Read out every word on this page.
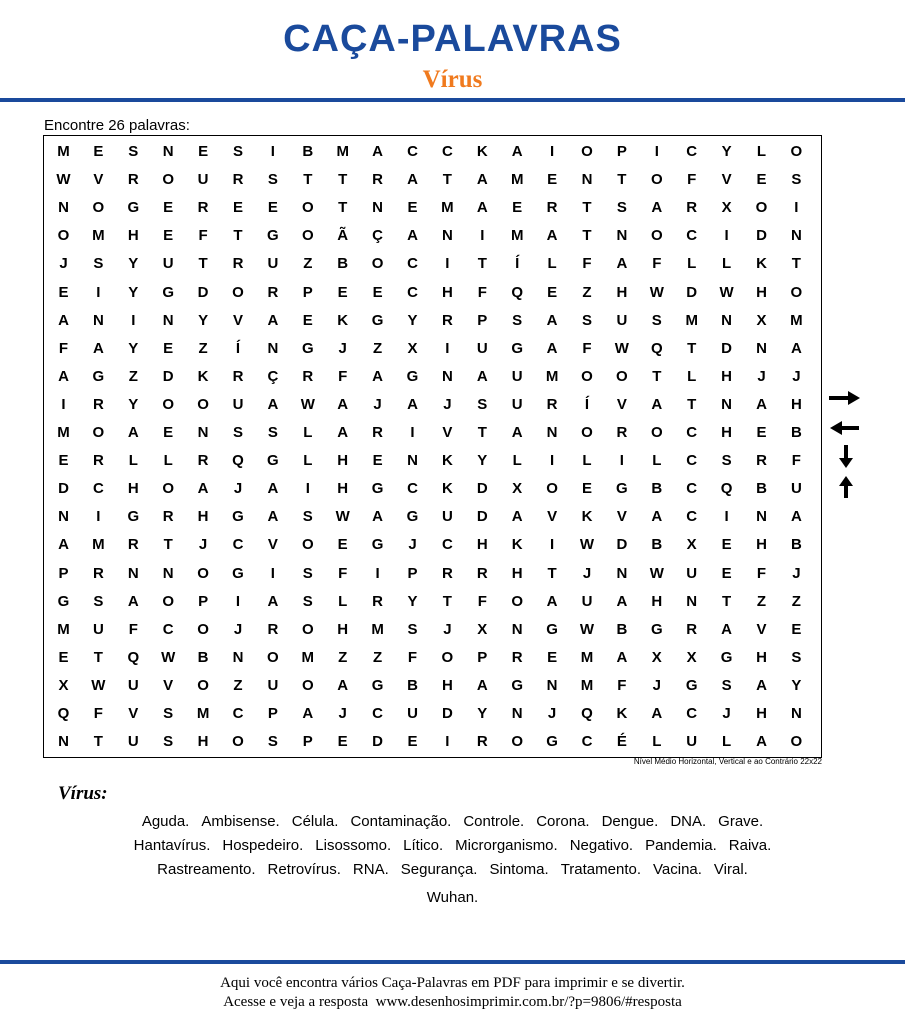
CAÇA-PALAVRAS
Vírus
Encontre 26 palavras:
M	E	S	N	E	S	I	B	M	A	C	C	K	A	I	O	P	I	C	Y	L	O
W	V	R	O	U	R	S	T	T	R	A	T	A	M	E	N	T	O	F	V	E	S
N	O	G	E	R	E	E	O	T	N	E	M	A	E	R	T	S	A	R	X	O	I
O	M	H	E	F	T	G	O	Ã	Ç	A	N	I	M	A	T	N	O	C	I	D	N
J	S	Y	U	T	R	U	Z	B	O	C	I	T	Í	L	F	A	F	L	L	K	T
E	I	Y	G	D	O	R	P	E	E	C	H	F	Q	E	Z	H	W	D	W	H	O
A	N	I	N	Y	V	A	E	K	G	Y	R	P	S	A	S	U	S	M	N	X	M
F	A	Y	E	Z	Í	N	G	J	Z	X	I	U	G	A	F	W	Q	T	D	N	A
A	G	Z	D	K	R	Ç	R	F	A	G	N	A	U	M	O	O	T	L	H	J	J
I	R	Y	O	O	U	A	W	A	J	A	J	S	U	R	Í	V	A	T	N	A	H
M	O	A	E	N	S	S	L	A	R	I	V	T	A	N	O	R	O	C	H	E	B
E	R	L	L	R	Q	G	L	H	E	N	K	Y	L	I	L	I	L	C	S	R	F
D	C	H	O	A	J	A	I	H	G	C	K	D	X	O	E	G	B	C	Q	B	U
N	I	G	R	H	G	A	S	W	A	G	U	D	A	V	K	V	A	C	I	N	A
A	M	R	T	J	C	V	O	E	G	J	C	H	K	I	W	D	B	X	E	H	B
P	R	N	N	O	G	I	S	F	I	P	R	R	H	T	J	N	W	U	E	F	J
G	S	A	O	P	I	A	S	L	R	Y	T	F	O	A	U	A	H	N	T	Z	Z
M	U	F	C	O	J	R	O	H	M	S	J	X	N	G	W	B	G	R	A	V	E
E	T	Q	W	B	N	O	M	Z	Z	F	O	P	R	E	M	A	X	X	G	H	S
X	W	U	V	O	Z	U	O	A	G	B	H	A	G	N	M	F	J	G	S	A	Y
Q	F	V	S	M	C	P	A	J	C	U	D	Y	N	J	Q	K	A	C	J	H	N
N	T	U	S	H	O	S	P	E	D	E	I	R	O	G	C	É	L	U	L	A	O
Nível Médio Horizontal, Vertical e ao Contrário 22x22
Vírus:
Aguda. Ambisense. Célula. Contaminação. Controle. Corona. Dengue. DNA. Grave.
Hantavírus. Hospedeiro. Lisossomo. Lítico. Microrganismo. Negativo. Pandemia. Raiva.
Rastreamento. Retrovírus. RNA. Segurança. Sintoma. Tratamento. Vacina. Viral.
Wuhan.
Aqui você encontra vários Caça-Palavras em PDF para imprimir e se divertir.
Acesse e veja a resposta  www.desenhosimprimir.com.br/?p=9806/#resposta
